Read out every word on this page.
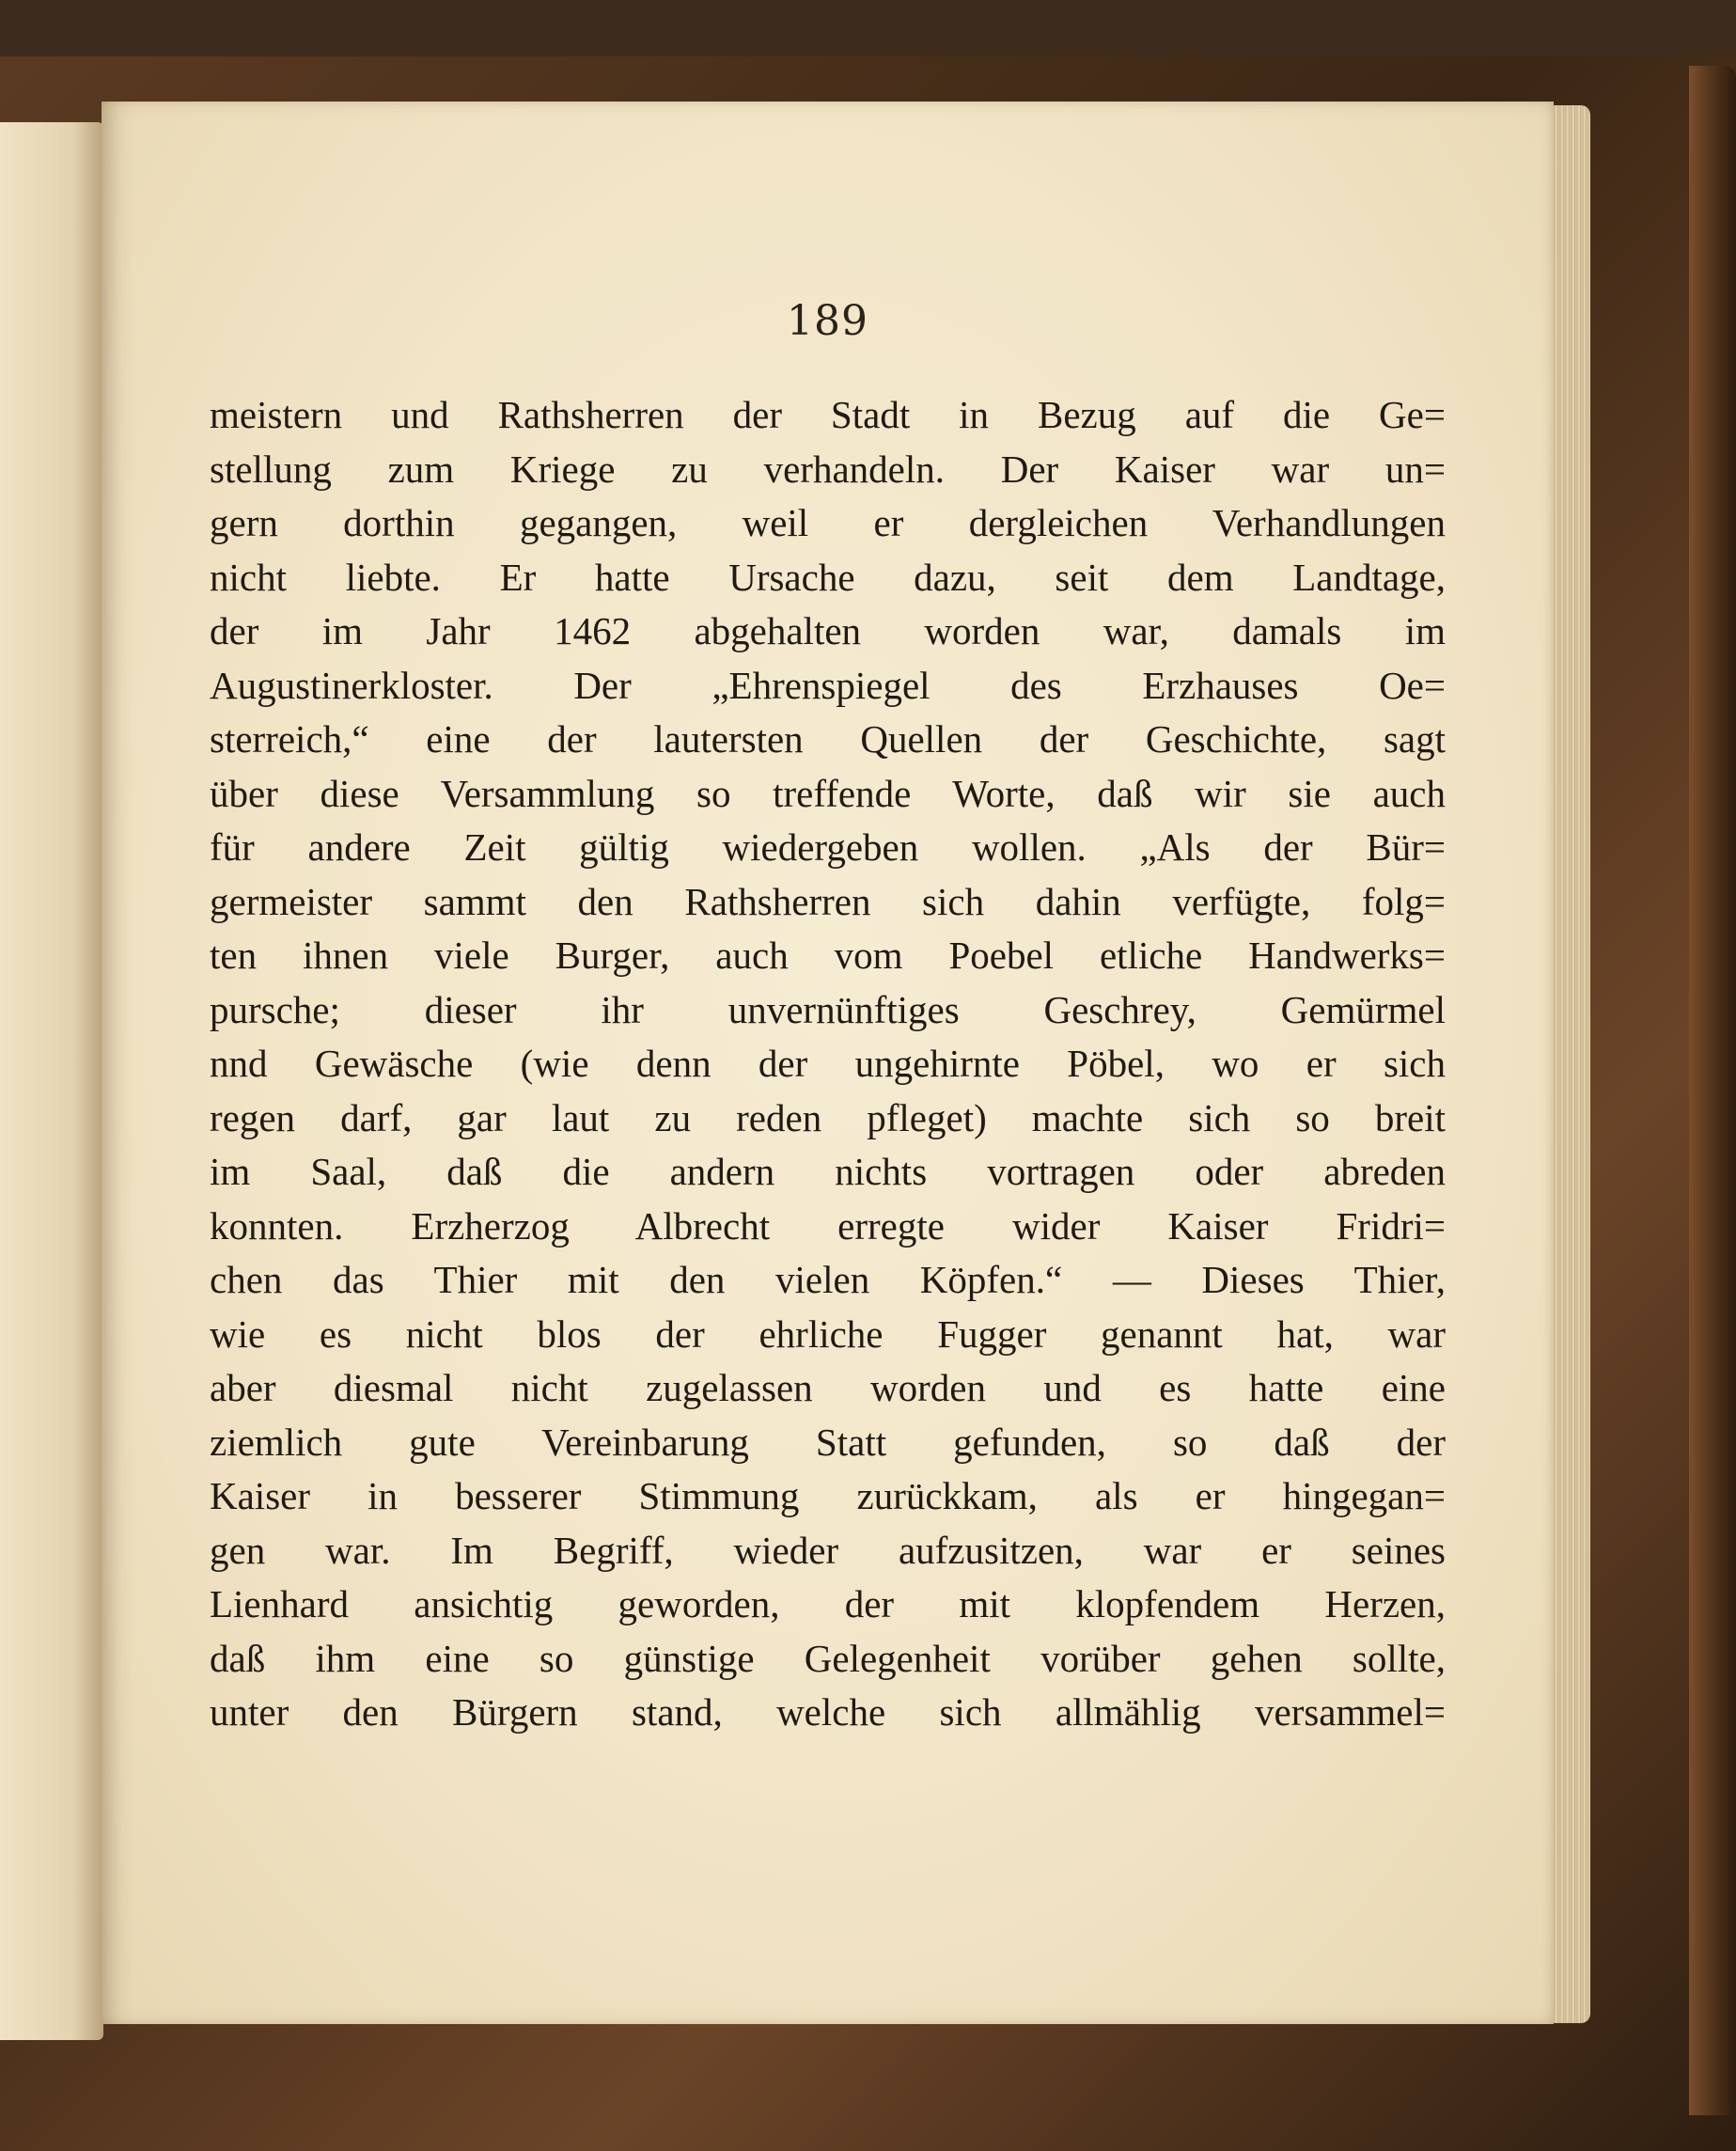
189
meistern und Rathsherren der Stadt in Bezug auf die Ge=
stellung zum Kriege zu verhandeln. Der Kaiser war un=
gern dorthin gegangen, weil er dergleichen Verhandlungen
nicht liebte. Er hatte Ursache dazu, seit dem Landtage,
der im Jahr 1462 abgehalten worden war, damals im
Augustinerkloster. Der „Ehrenspiegel des Erzhauses Oe=
sterreich,“ eine der lautersten Quellen der Geschichte, sagt
über diese Versammlung so treffende Worte, daß wir sie auch
für andere Zeit gültig wiedergeben wollen. „Als der Bür=
germeister sammt den Rathsherren sich dahin verfügte, folg=
ten ihnen viele Burger, auch vom Poebel etliche Handwerks=
pursche; dieser ihr unvernünftiges Geschrey, Gemürmel
nnd Gewäsche (wie denn der ungehirnte Pöbel, wo er sich
regen darf, gar laut zu reden pfleget) machte sich so breit
im Saal, daß die andern nichts vortragen oder abreden
konnten. Erzherzog Albrecht erregte wider Kaiser Fridri=
chen das Thier mit den vielen Köpfen.“ — Dieses Thier,
wie es nicht blos der ehrliche Fugger genannt hat, war
aber diesmal nicht zugelassen worden und es hatte eine
ziemlich gute Vereinbarung Statt gefunden, so daß der
Kaiser in besserer Stimmung zurückkam, als er hingegan=
gen war. Im Begriff, wieder aufzusitzen, war er seines
Lienhard ansichtig geworden, der mit klopfendem Herzen,
daß ihm eine so günstige Gelegenheit vorüber gehen sollte,
unter den Bürgern stand, welche sich allmählig versammel=
